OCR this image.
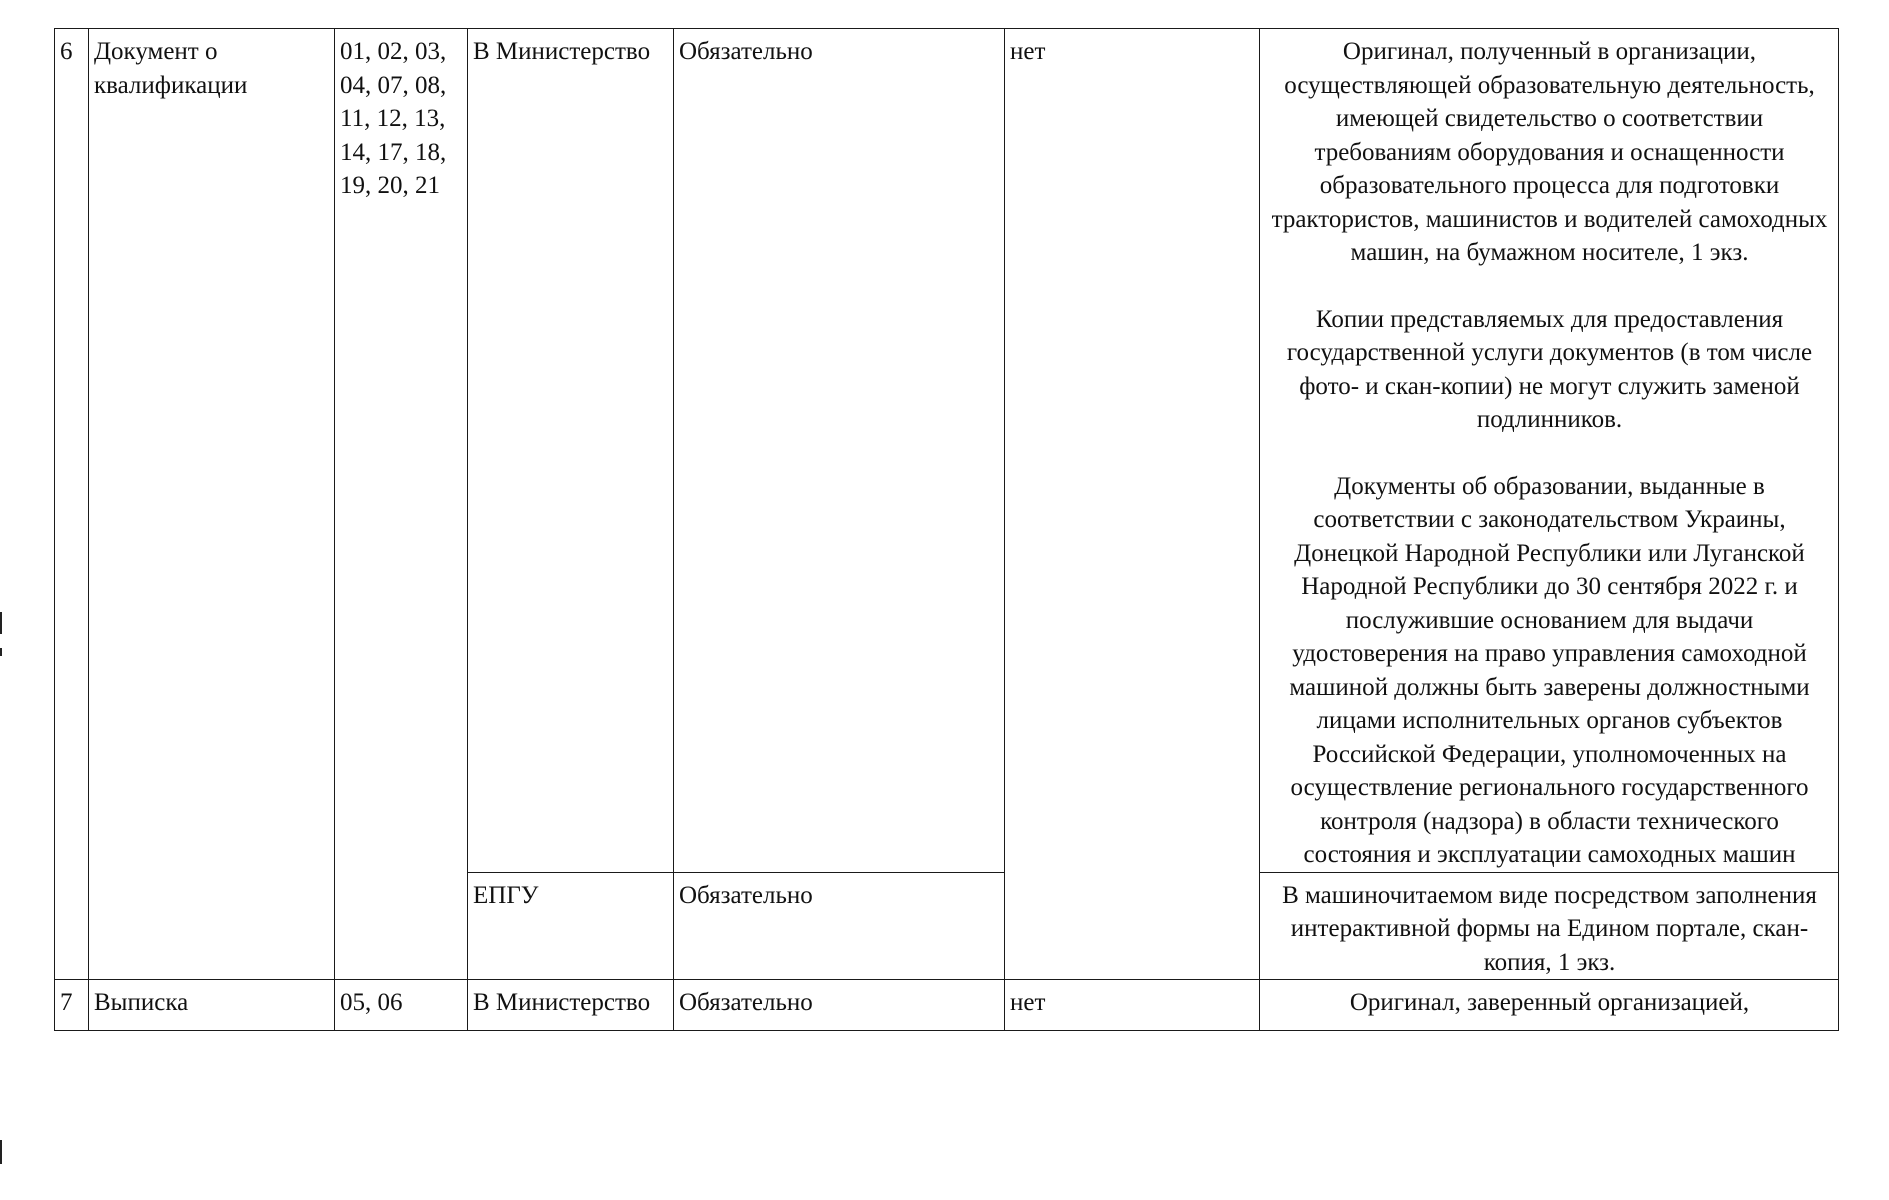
6	Документ о квалификации	01, 02, 03, 04, 07, 08, 11, 12, 13, 14, 17, 18, 19, 20, 21	В Министерство	Обязательно	нет	Оригинал, полученный в организации, осуществляющей образовательную деятельность, имеющей свидетельство о соответствии требованиям оборудования и оснащенности образовательного процесса для подготовки трактористов, машинистов и водителей самоходных машин, на бумажном носителе, 1 экз.

Копии представляемых для предоставления государственной услуги документов (в том числе фото- и скан-копии) не могут служить заменой подлинников.

Документы об образовании, выданные в соответствии с законодательством Украины, Донецкой Народной Республики или Луганской Народной Республики до 30 сентября 2022 г. и послужившие основанием для выдачи удостоверения на право управления самоходной машиной должны быть заверены должностными лицами исполнительных органов субъектов Российской Федерации, уполномоченных на осуществление регионального государственного контроля (надзора) в области технического состояния и эксплуатации самоходных машин

			ЕПГУ	Обязательно		В машиночитаемом виде посредством заполнения интерактивной формы на Едином портале, скан-копия, 1 экз.

7	Выписка	05, 06	В Министерство	Обязательно	нет	Оригинал, заверенный организацией,
